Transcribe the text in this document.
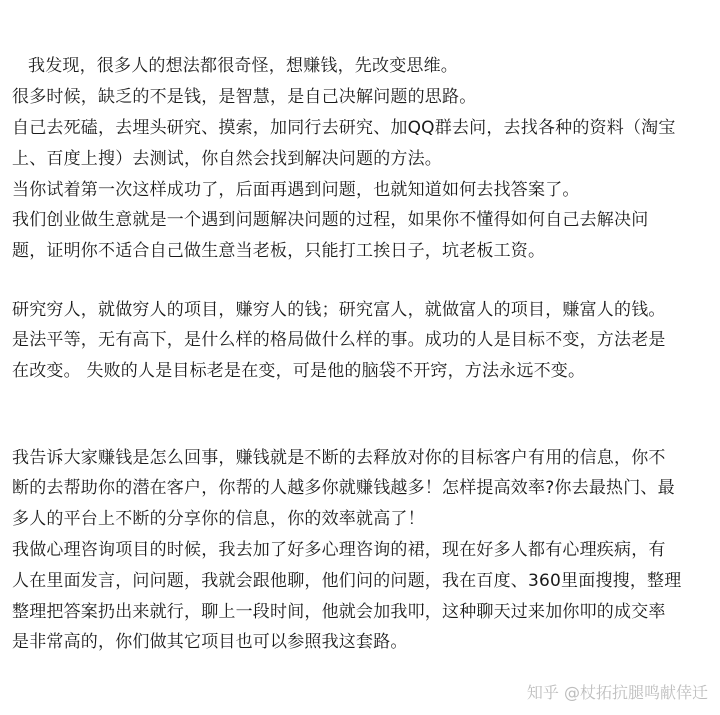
我发现，很多人的想法都很奇怪，想赚钱，先改变思维。
很多时候，缺乏的不是钱，是智慧，是自己决解问题的思路。
自己去死磕，去埋头研究、摸索，加同行去研究、加QQ群去问，去找各种的资料（淘宝
上、百度上搜）去测试，你自然会找到解决问题的方法。
当你试着第一次这样成功了，后面再遇到问题，也就知道如何去找答案了。
我们创业做生意就是一个遇到问题解决问题的过程，如果你不懂得如何自己去解决问
题，证明你不适合自己做生意当老板，只能打工挨日子，坑老板工资。
研究穷人，就做穷人的项目，赚穷人的钱；研究富人，就做富人的项目，赚富人的钱。
是法平等，无有高下，是什么样的格局做什么样的事。成功的人是目标不变，方法老是
在改变。 失败的人是目标老是在变，可是他的脑袋不开窍，方法永远不变。
我告诉大家赚钱是怎么回事，赚钱就是不断的去释放对你的目标客户有用的信息，你不
断的去帮助你的潜在客户，你帮的人越多你就赚钱越多！怎样提高效率?你去最热门、最
多人的平台上不断的分享你的信息，你的效率就高了！
我做心理咨询项目的时候，我去加了好多心理咨询的裙，现在好多人都有心理疾病，有
人在里面发言，问问题，我就会跟他聊，他们问的问题，我在百度、360里面搜搜，整理
整理把答案扔出来就行，聊上一段时间，他就会加我叩，这种聊天过来加你叩的成交率
是非常高的，你们做其它项目也可以参照我这套路。
知乎 @杖拓抗腿鸣献倖迁
